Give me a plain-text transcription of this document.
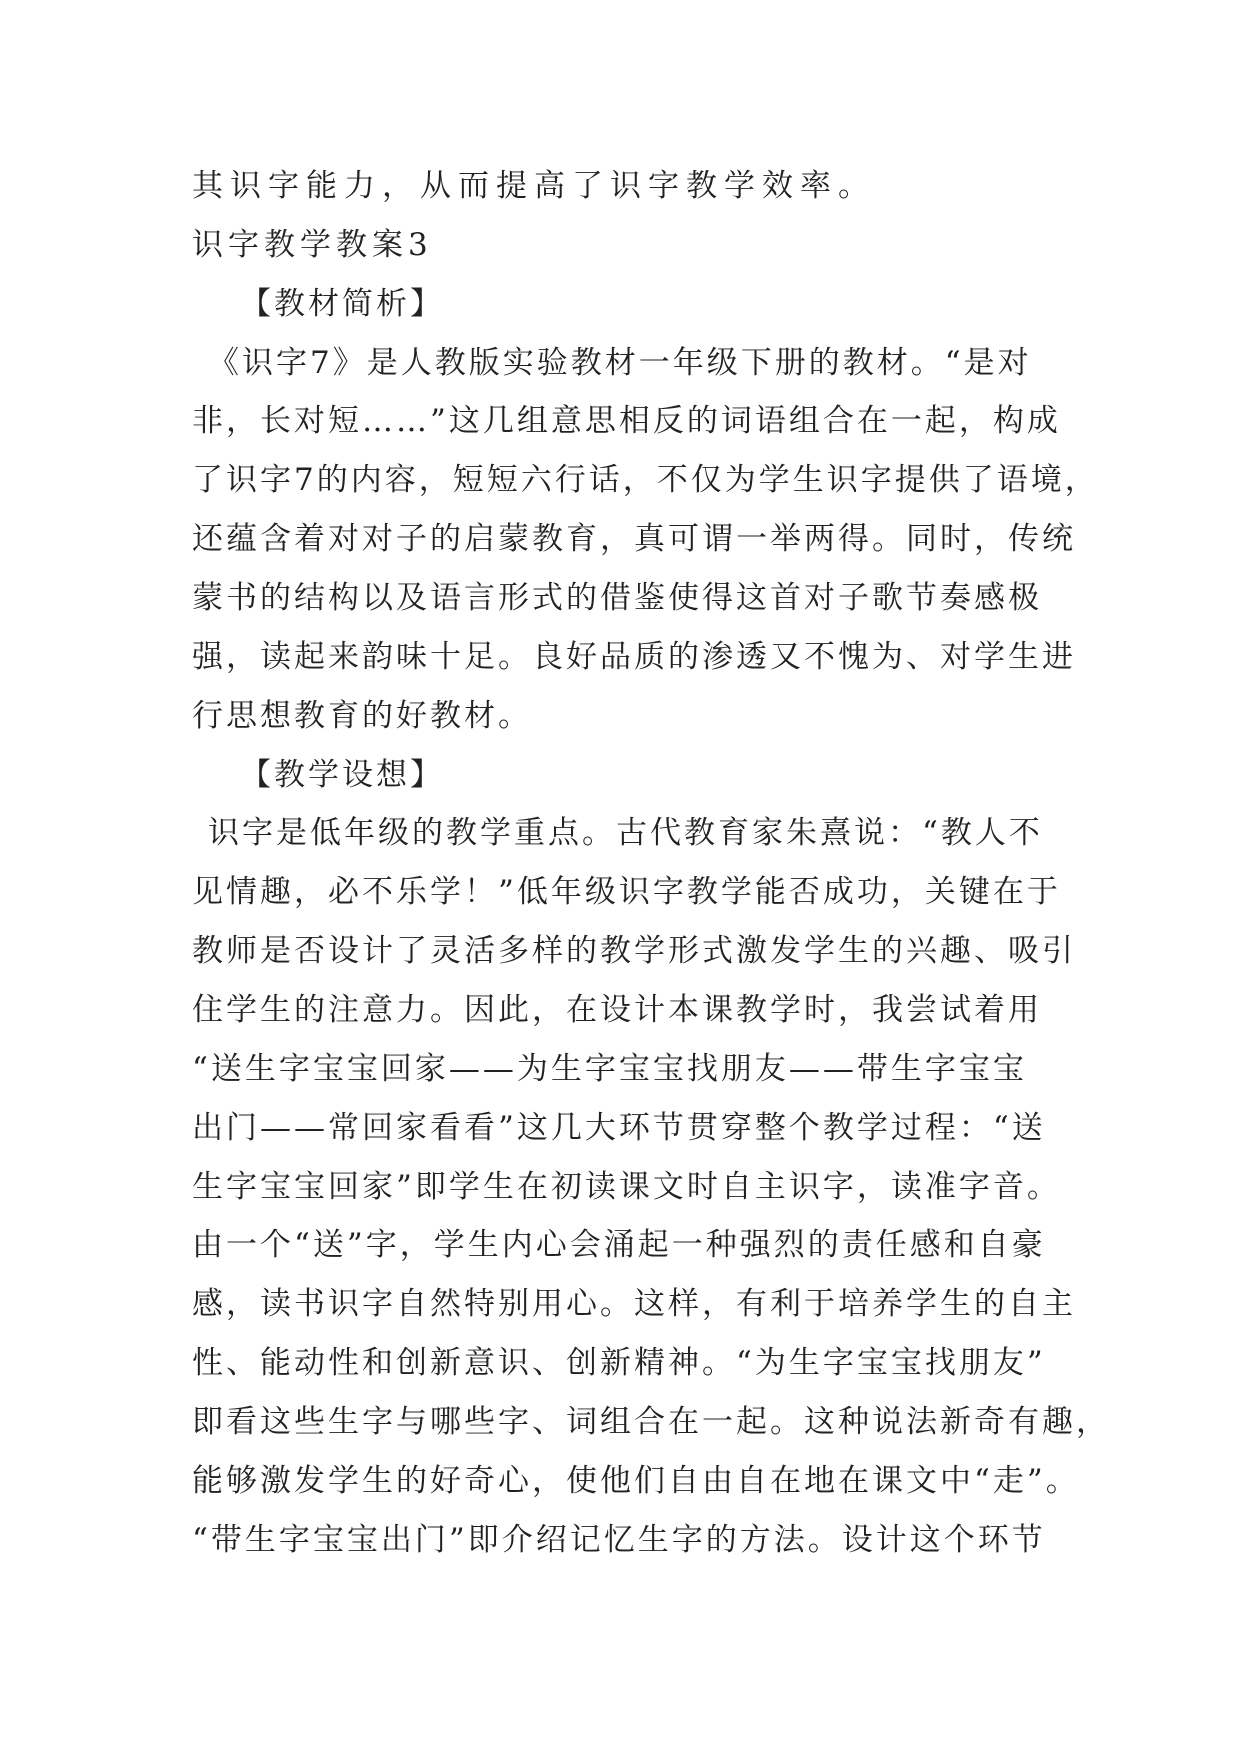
其识字能力，从而提高了识字教学效率。
识字教学教案3
【教材简析】
《识字7》是人教版实验教材一年级下册的教材。“是对
非，长对短……”这几组意思相反的词语组合在一起，构成
了识字7的内容，短短六行话，不仅为学生识字提供了语境，
还蕴含着对对子的启蒙教育，真可谓一举两得。同时，传统
蒙书的结构以及语言形式的借鉴使得这首对子歌节奏感极
强，读起来韵味十足。良好品质的渗透又不愧为、对学生进
行思想教育的好教材。
【教学设想】
识字是低年级的教学重点。古代教育家朱熹说：“教人不
见情趣，必不乐学！”低年级识字教学能否成功，关键在于
教师是否设计了灵活多样的教学形式激发学生的兴趣、吸引
住学生的注意力。因此，在设计本课教学时，我尝试着用
“送生字宝宝回家——为生字宝宝找朋友——带生字宝宝
出门——常回家看看”这几大环节贯穿整个教学过程：“送
生字宝宝回家”即学生在初读课文时自主识字，读准字音。
由一个“送”字，学生内心会涌起一种强烈的责任感和自豪
感，读书识字自然特别用心。这样，有利于培养学生的自主
性、能动性和创新意识、创新精神。“为生字宝宝找朋友”
即看这些生字与哪些字、词组合在一起。这种说法新奇有趣，
能够激发学生的好奇心，使他们自由自在地在课文中“走”。
“带生字宝宝出门”即介绍记忆生字的方法。设计这个环节
